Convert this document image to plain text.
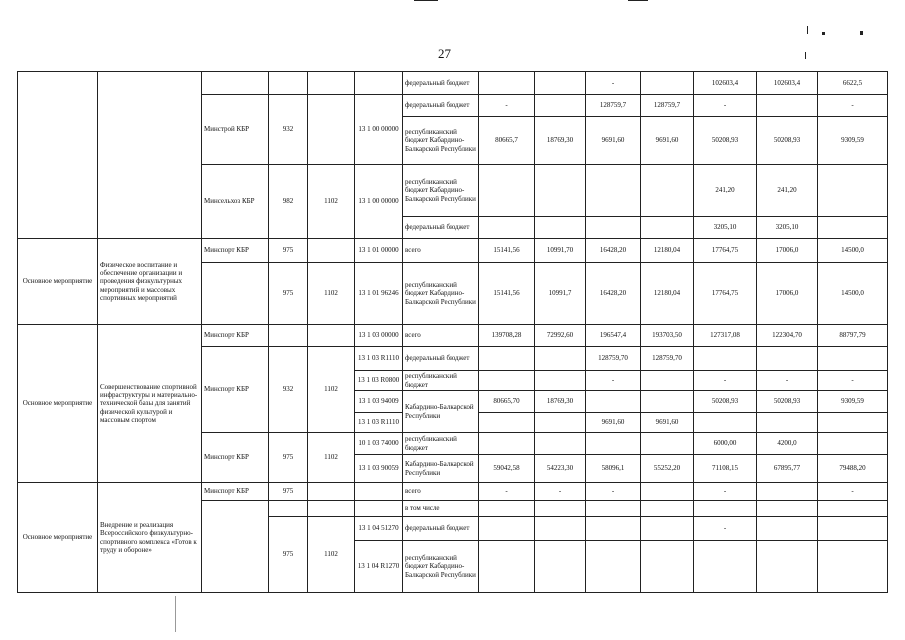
27
						федеральный бюджет			-		102603,4	102603,4	6622,5
		Минстрой КБР	932		13 1 00 00000	федеральный бюджет	-		128759,7	128759,7	-		-
						республиканский бюджет Кабардино-Балкарской Республики	80665,7	18769,30	9691,60	9691,60	50208,93	50208,93	9309,59
		Минсельхоз КБР	982	1102	13 1 00 00000	республиканский бюджет Кабардино-Балкарской Республики					241,20	241,20	
						федеральный бюджет					3205,10	3205,10	
Основное мероприятие	Физическое воспитание и обеспечение организации и проведения физкультурных мероприятий и массовых спортивных мероприятий	Минспорт КБР	975		13 1 01 00000	всего	15141,56	10991,70	16428,20	12180,04	17764,75	17006,0	14500,0
			975	1102	13 1 01 96246	республиканский бюджет Кабардино-Балкарской Республики	15141,56	10991,7	16428,20	12180,04	17764,75	17006,0	14500,0
Основное мероприятие	Совершенствование спортивной инфраструктуры и материально-технической базы для занятий физической культурой и массовым спортом	Минспорт КБР			13 1 03 00000	всего	139708,28	72992,60	196547,4	193703,50	127317,08	122304,70	88797,79
		Минспорт КБР	932	1102	13 1 03 R1110	федеральный бюджет			128759,70	128759,70			
					13 1 03 R0800	республиканский бюджет			-		-	-	-
					13 1 03 94009	Кабардино-Балкарской Республики	80665,70	18769,30			50208,93	50208,93	9309,59
					13 1 03 R1110				9691,60	9691,60			
		Минспорт КБР	975	1102	10 1 03 74000	республиканский бюджет					6000,00	4200,0	
					13 1 03 90059	Кабардино-Балкарской Республики	59042,58	54223,30	58096,1	55252,20	71108,15	67895,77	79488,20
Основное мероприятие	Внедрение и реализация Всероссийского физкультурно-спортивного комплекса «Готов к труду и обороне»	Минспорт КБР	975			всего	-	-	-		-		-
						в том числе							
			975	1102	13 1 04 51270	федеральный бюджет					-		
					13 1 04 R1270	республиканский бюджет Кабардино-Балкарской Республики							
